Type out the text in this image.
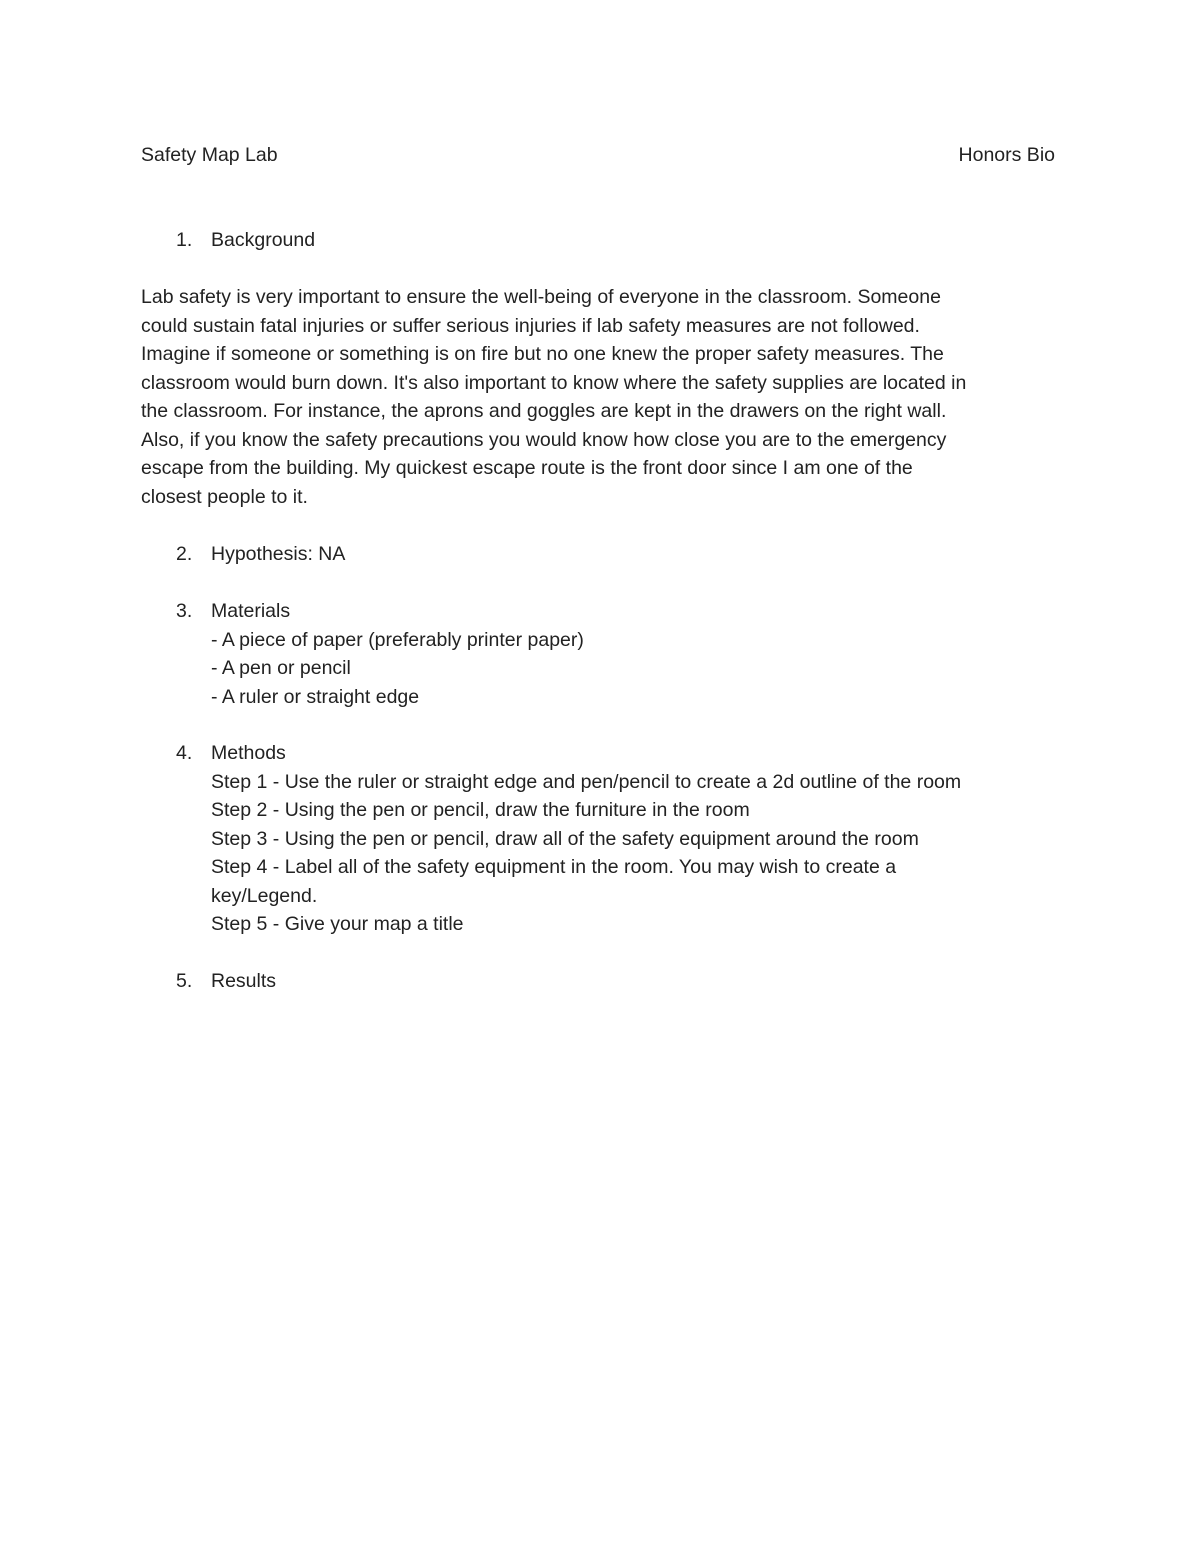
Safety Map Lab	Honors Bio
1. Background

Lab safety is very important to ensure the well-being of everyone in the classroom. Someone
could sustain fatal injuries or suffer serious injuries if lab safety measures are not followed.
Imagine if someone or something is on fire but no one knew the proper safety measures. The
classroom would burn down. It's also important to know where the safety supplies are located in
the classroom. For instance, the aprons and goggles are kept in the drawers on the right wall.
Also, if you know the safety precautions you would know how close you are to the emergency
escape from the building. My quickest escape route is the front door since I am one of the
closest people to it.

2. Hypothesis: NA
3. Materials
- A piece of paper (preferably printer paper)
- A pen or pencil
- A ruler or straight edge
4. Methods
Step 1 - Use the ruler or straight edge and pen/pencil to create a 2d outline of the room
Step 2 - Using the pen or pencil, draw the furniture in the room
Step 3 - Using the pen or pencil, draw all of the safety equipment around the room
Step 4 - Label all of the safety equipment in the room. You may wish to create a
key/Legend.
Step 5 - Give your map a title
5. Results
